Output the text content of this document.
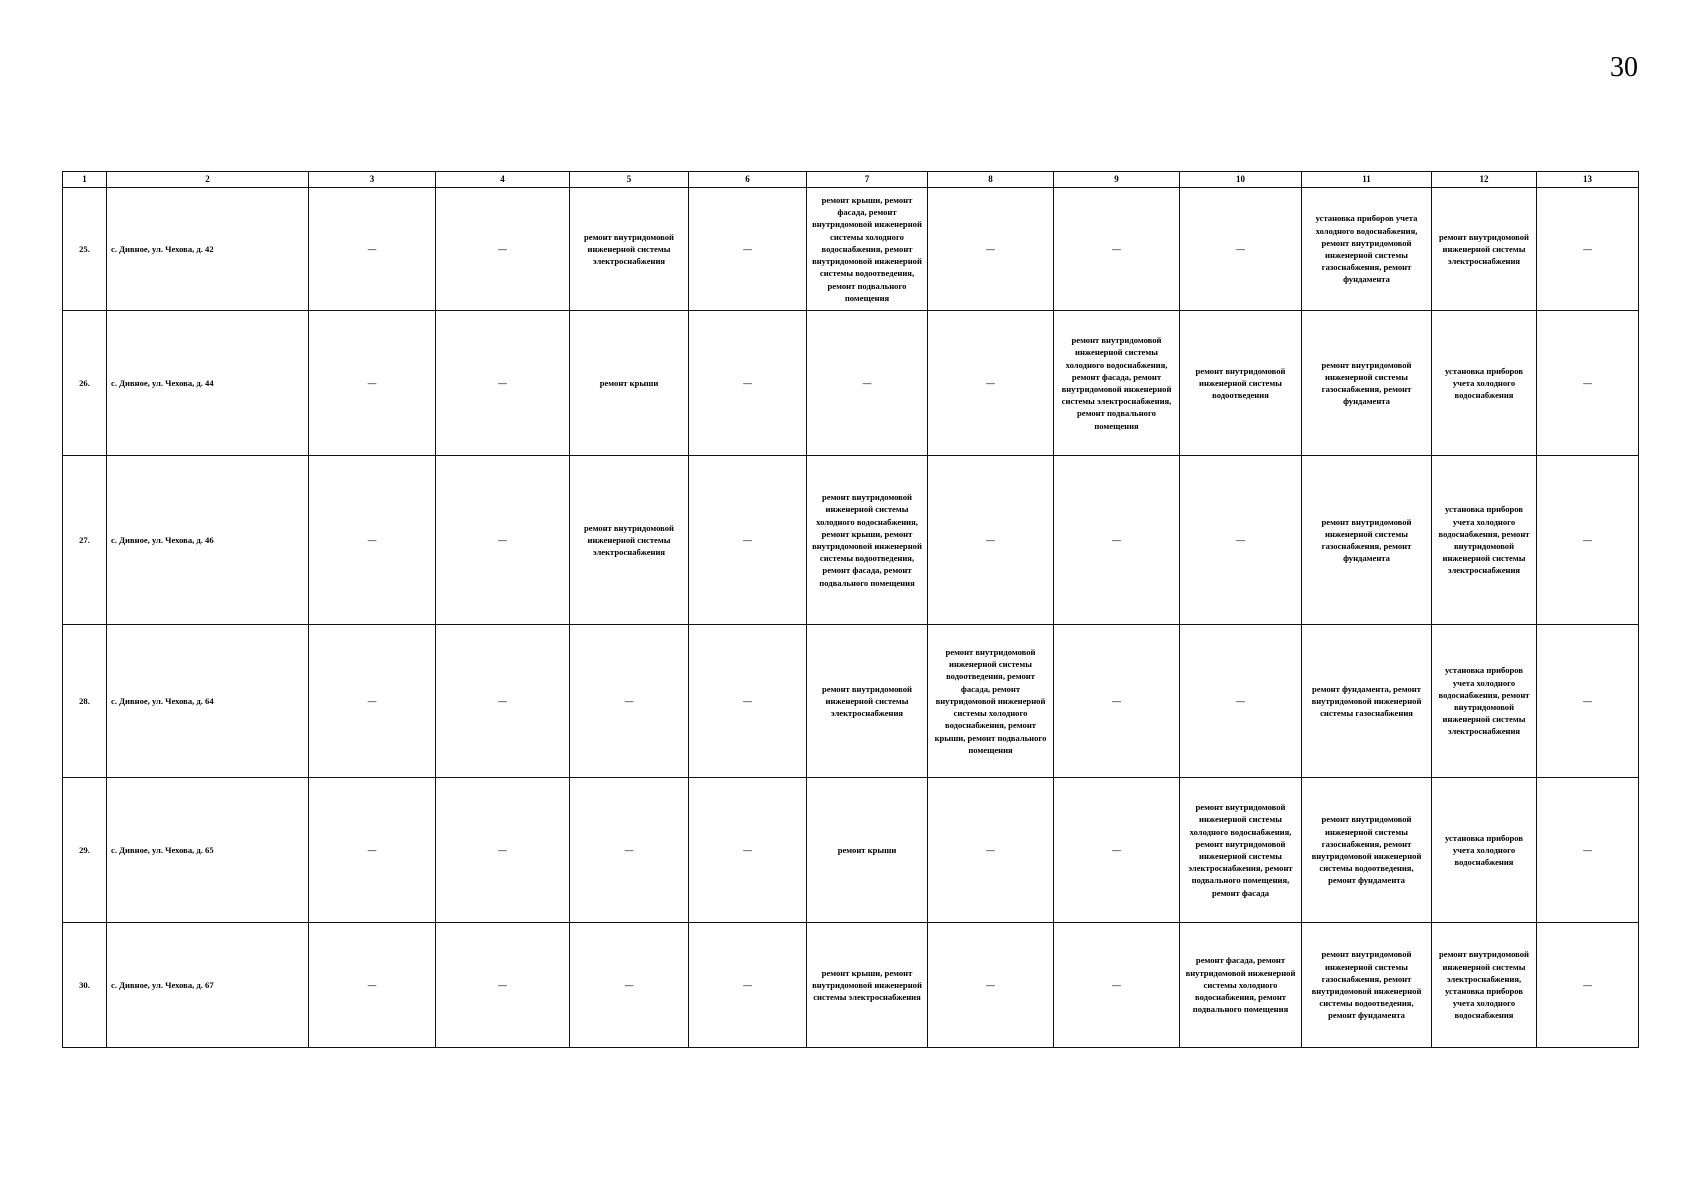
30
1	2	3	4	5	6	7	8	9	10	11	12	13
25.	с. Дивное, ул. Чехова, д. 42	—	—	ремонт внутридомовой инженерной системы электроснабжения	—	ремонт крыши, ремонт фасада, ремонт внутридомовой инженерной системы холодного водоснабжения, ремонт внутридомовой инженерной системы водоотведения, ремонт подвального помещения	—	—	—	установка приборов учета холодного водоснабжения, ремонт внутридомовой инженерной системы газоснабжения, ремонт фундамента	ремонт внутридомовой инженерной системы электроснабжения	—
26.	с. Дивное, ул. Чехова, д. 44	—	—	ремонт крыши	—	—	—	ремонт внутридомовой инженерной системы холодного водоснабжения, ремонт фасада, ремонт внутридомовой инженерной системы электроснабжения, ремонт подвального помещения	ремонт внутридомовой инженерной системы водоотведения	ремонт внутридомовой инженерной системы газоснабжения, ремонт фундамента	установка приборов учета холодного водоснабжения	—
27.	с. Дивное, ул. Чехова, д. 46	—	—	ремонт внутридомовой инженерной системы электроснабжения	—	ремонт внутридомовой инженерной системы холодного водоснабжения, ремонт крыши, ремонт внутридомовой инженерной системы водоотведения, ремонт фасада, ремонт подвального помещения	—	—	—	ремонт внутридомовой инженерной системы газоснабжения, ремонт фундамента	установка приборов учета холодного водоснабжения, ремонт внутридомовой инженерной системы электроснабжения	—
28.	с. Дивное, ул. Чехова, д. 64	—	—	—	—	ремонт внутридомовой инженерной системы электроснабжения	ремонт внутридомовой инженерной системы водоотведения, ремонт фасада, ремонт внутридомовой инженерной системы холодного водоснабжения, ремонт крыши, ремонт подвального помещения	—	—	ремонт фундамента, ремонт внутридомовой инженерной системы газоснабжения	установка приборов учета холодного водоснабжения, ремонт внутридомовой инженерной системы электроснабжения	—
29.	с. Дивное, ул. Чехова, д. 65	—	—	—	—	ремонт крыши	—	—	ремонт внутридомовой инженерной системы холодного водоснабжения, ремонт внутридомовой инженерной системы электроснабжения, ремонт подвального помещения, ремонт фасада	ремонт внутридомовой инженерной системы газоснабжения, ремонт внутридомовой инженерной системы водоотведения, ремонт фундамента	установка приборов учета холодного водоснабжения	—
30.	с. Дивное, ул. Чехова, д. 67	—	—	—	—	ремонт крыши, ремонт внутридомовой инженерной системы электроснабжения	—	—	ремонт фасада, ремонт внутридомовой инженерной системы холодного водоснабжения, ремонт подвального помещения	ремонт внутридомовой инженерной системы газоснабжения, ремонт внутридомовой инженерной системы водоотведения, ремонт фундамента	ремонт внутридомовой инженерной системы электроснабжения, установка приборов учета холодного водоснабжения	—
